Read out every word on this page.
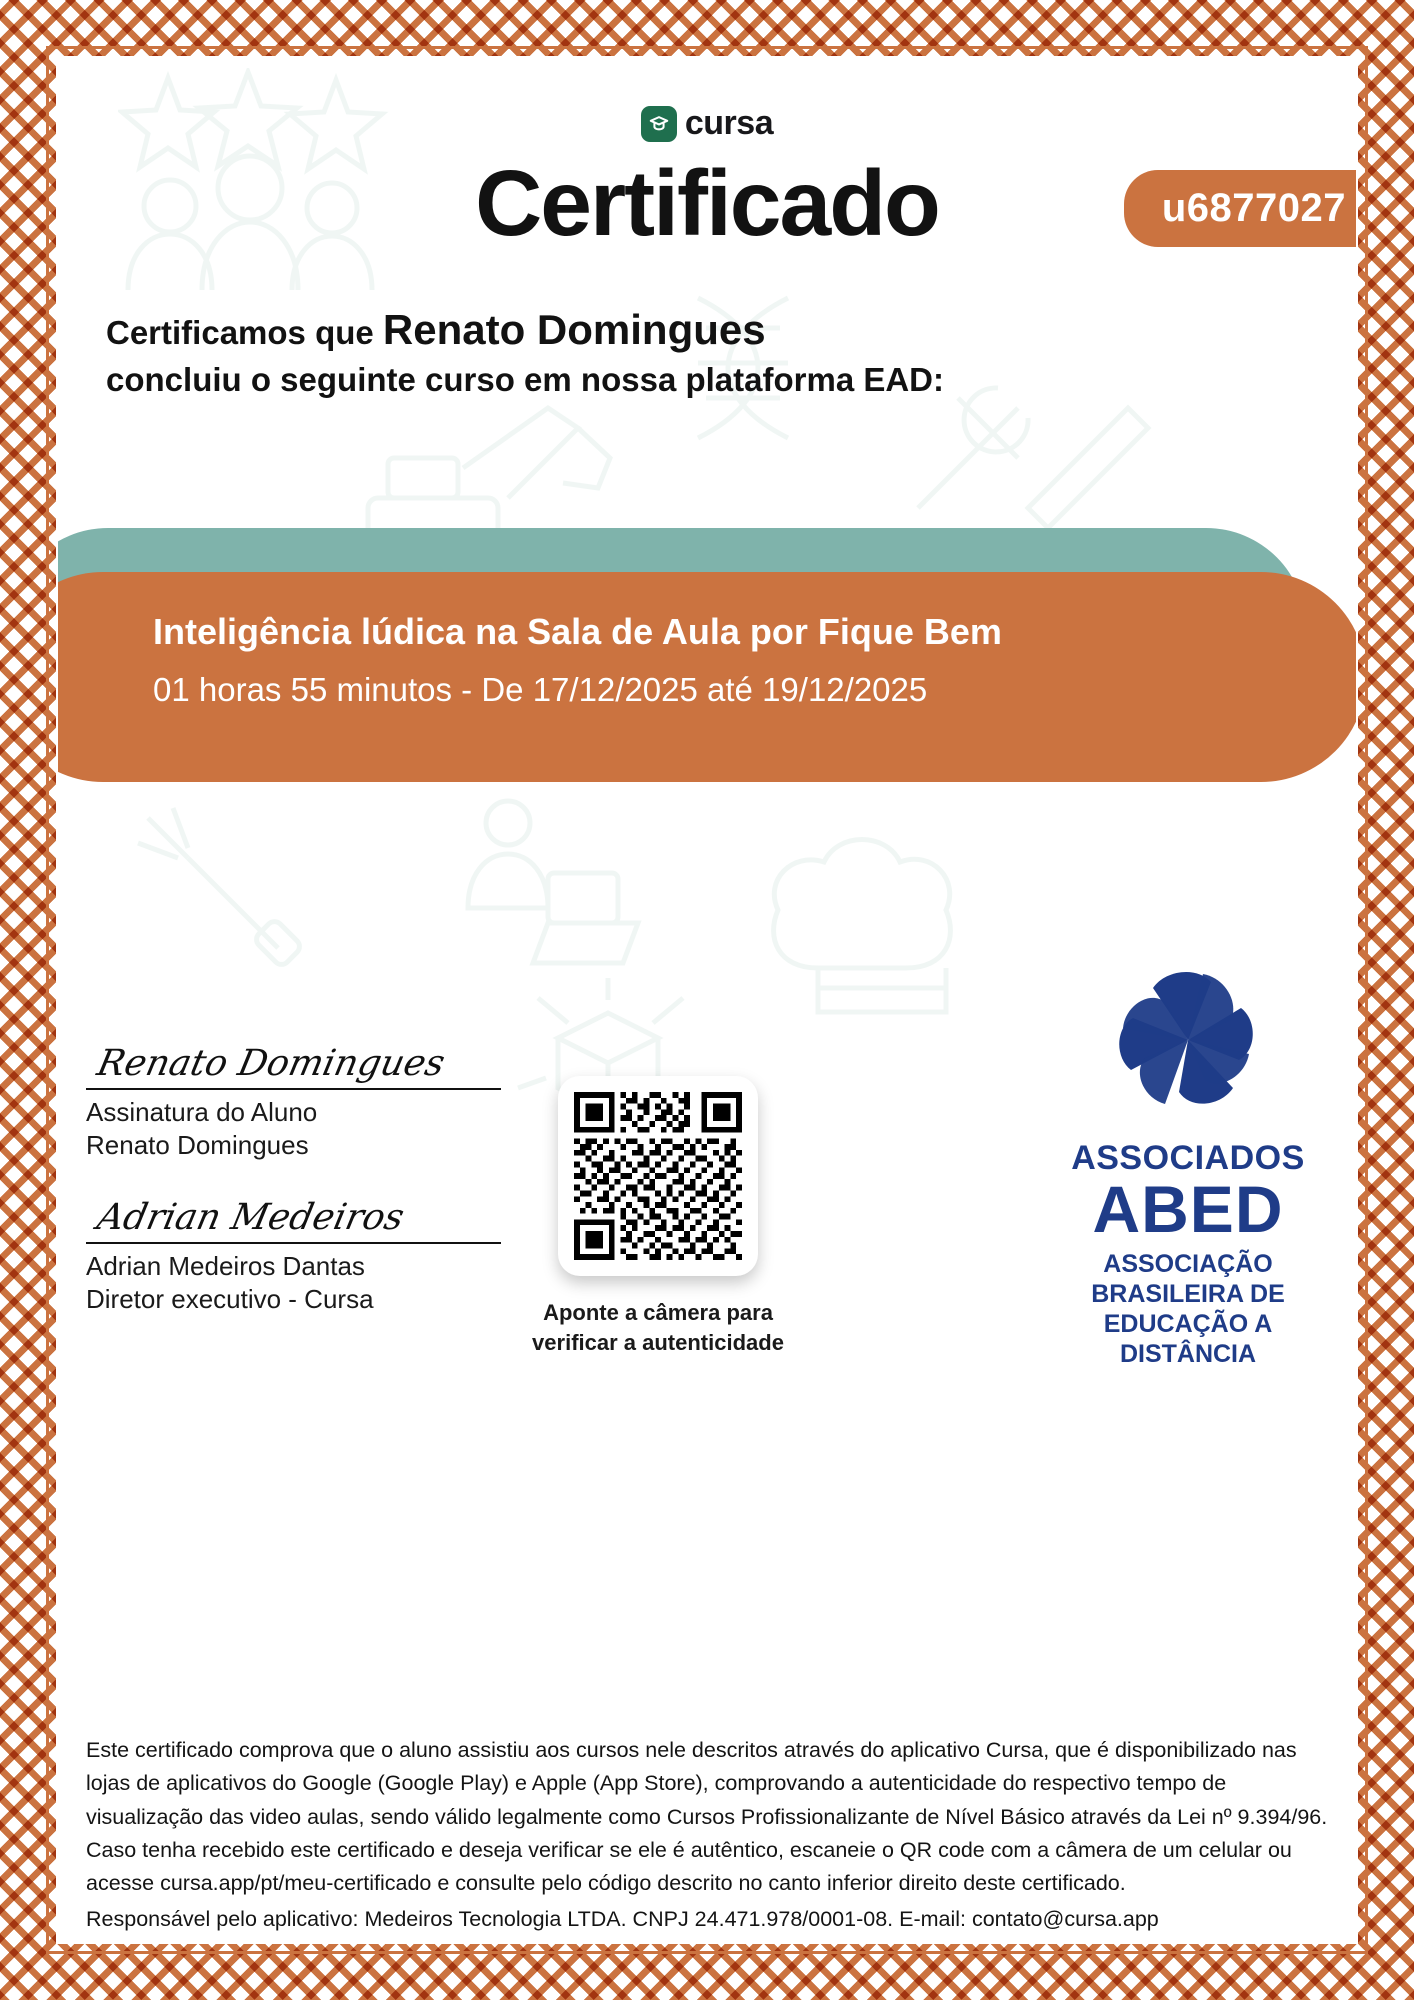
cursa
Certificado	u6877027
Certificamos que Renato Domingues
concluiu o seguinte curso em nossa plataforma EAD:
Inteligência lúdica na Sala de Aula por Fique Bem
01 horas 55 minutos - De 17/12/2025 até 19/12/2025
Renato Domingues
Assinatura do Aluno
Renato Domingues
Adrian Medeiros
Adrian Medeiros Dantas
Diretor executivo - Cursa	Aponte a câmera para
verificar a autenticidade
ASSOCIADOS
ABED
ASSOCIAÇÃO
BRASILEIRA DE
EDUCAÇÃO A
DISTÂNCIA

Este certificado comprova que o aluno assistiu aos cursos nele descritos através do aplicativo Cursa, que é disponibilizado nas lojas de aplicativos do Google (Google Play) e Apple (App Store), comprovando a autenticidade do respectivo tempo de visualização das video aulas, sendo válido legalmente como Cursos Profissionalizante de Nível Básico através da Lei nº 9.394/96. Caso tenha recebido este certificado e deseja verificar se ele é autêntico, escaneie o QR code com a câmera de um celular ou acesse cursa.app/pt/meu-certificado e consulte pelo código descrito no canto inferior direito deste certificado.

Responsável pelo aplicativo: Medeiros Tecnologia LTDA. CNPJ 24.471.978/0001-08. E-mail: contato@cursa.app
